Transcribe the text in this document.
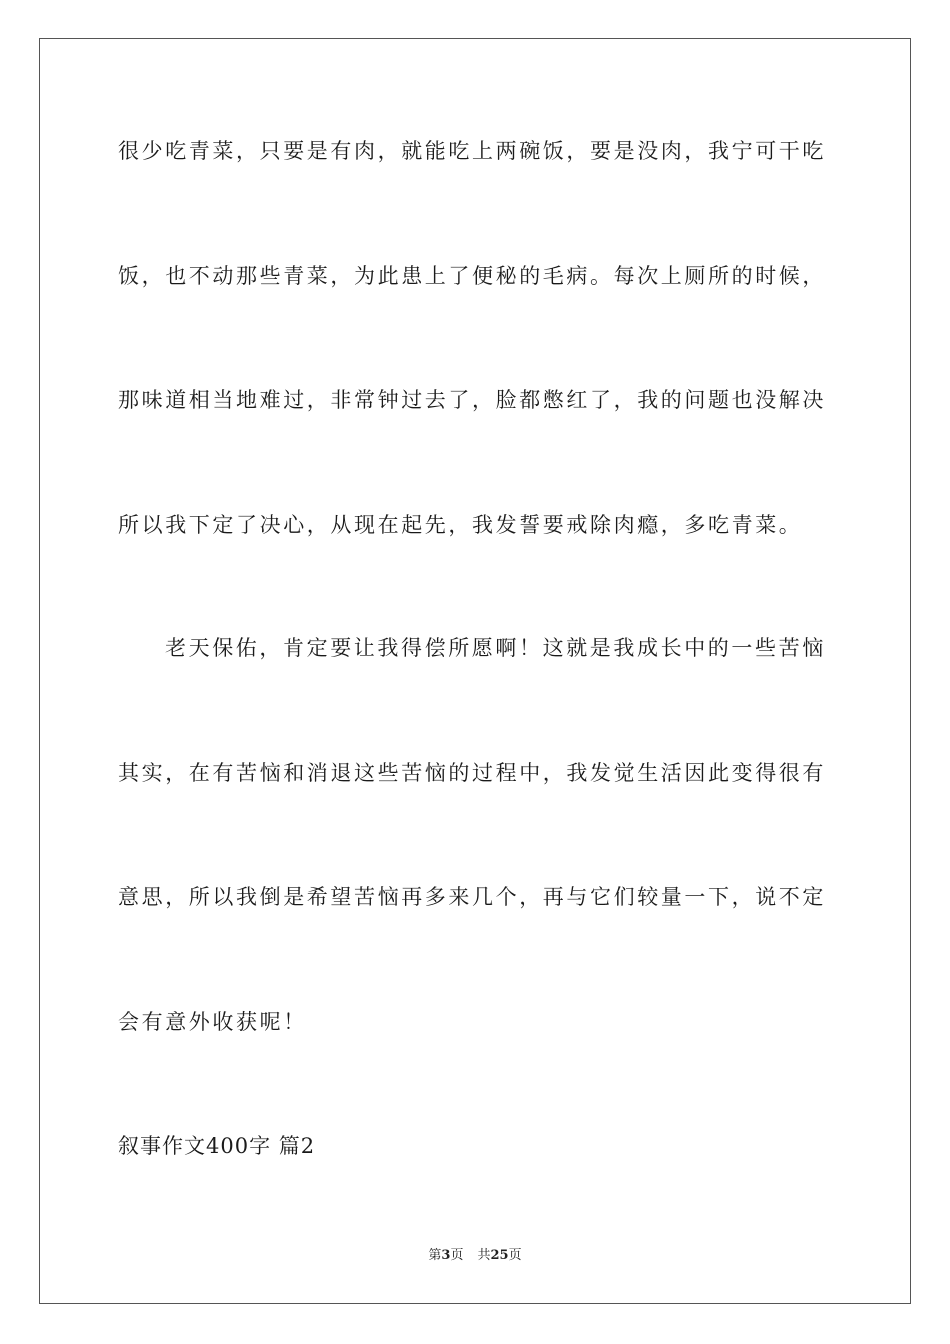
很少吃青菜，只要是有肉，就能吃上两碗饭，要是没肉，我宁可干吃
饭，也不动那些青菜，为此患上了便秘的毛病。每次上厕所的时候，
那味道相当地难过，非常钟过去了，脸都憋红了，我的问题也没解决
所以我下定了决心，从现在起先，我发誓要戒除肉瘾，多吃青菜。
老天保佑，肯定要让我得偿所愿啊！这就是我成长中的一些苦恼
其实，在有苦恼和消退这些苦恼的过程中，我发觉生活因此变得很有
意思，所以我倒是希望苦恼再多来几个，再与它们较量一下，说不定
会有意外收获呢！
叙事作文400字 篇2
第3页 共25页
